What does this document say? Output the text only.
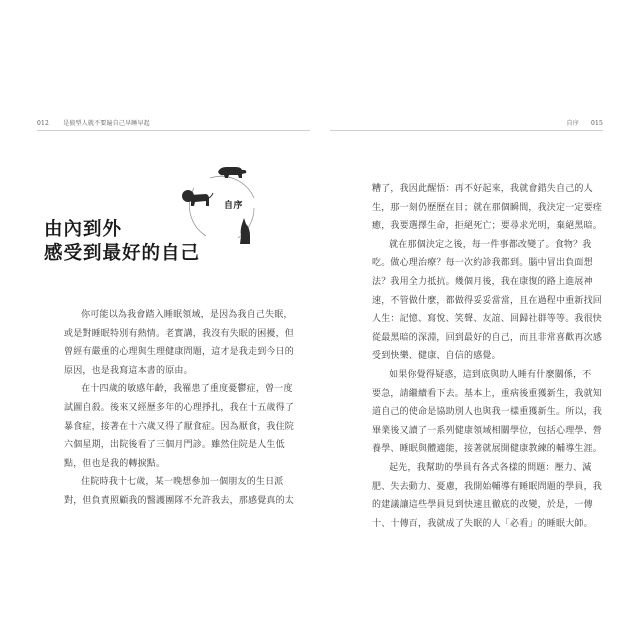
012 是狼型人就不要遍自己早睡早起	自序 015
自序
由內到外
感受到最好的自己
你可能以為我會踏入睡眠領域，是因為我自己失眠，
或是對睡眠特別有熱情。老實講，我沒有失眠的困擾，但
曾經有嚴重的心理與生理健康問題，這才是我走到今日的
原因，也是我寫這本書的原由。
在十四歲的敏感年齡，我罹患了重度憂鬱症，曾一度
試圖自殺。後來又經歷多年的心理掙扎，我在十五歲得了
暴食症，接著在十六歲又得了厭食症。因為厭食，我住院
六個星期，出院後看了三個月門診。雖然住院是人生低
點，但也是我的轉捩點。
住院時我十七歲，某一晚想參加一個朋友的生日派
對，但負責照顧我的醫護團隊不允許我去，那感覺真的太
糟了，我因此醒悟：再不好起來，我就會錯失自己的人
生，那一刻仍歷歷在目；就在那個瞬間，我決定一定要痊
癒，我要選擇生命，拒絕死亡；要尋求光明，棄絕黑暗。
就在那個決定之後，每一件事都改變了。食物？我
吃。做心理治療？每一次約診我都到。腦中冒出負面想
法？我用全力抵抗。幾個月後，我在康復的路上進展神
速，不管做什麼，都做得妥妥當當，且在過程中重新找回
人生：記憶、寫悅、笑聲、友誼、回歸社群等等。我很快
從最黑暗的深淵，回到最好的自己，而且非常喜歡再次感
受到快樂、健康、自信的感覺。
如果你覺得疑惑，這到底與助人睡有什麼關係，不
要急，請繼續看下去。基本上，重病後重獲新生，我就知
道自己的使命是協助別人也與我一樣重獲新生。所以，我
畢業後又讀了一系列健康領域相關學位，包括心理學、營
養學、睡眠與體適能，接著就展開健康教練的輔導生涯。
起先，我幫助的學員有各式各樣的問題：壓力、減
肥、失去動力、憂慮，我開始輔導有睡眠問題的學員，我
的建議讓這些學員見到快速且徹底的改變，於是，一傳
十、十傳百，我就成了失眠的人「必看」的睡眠大師。
